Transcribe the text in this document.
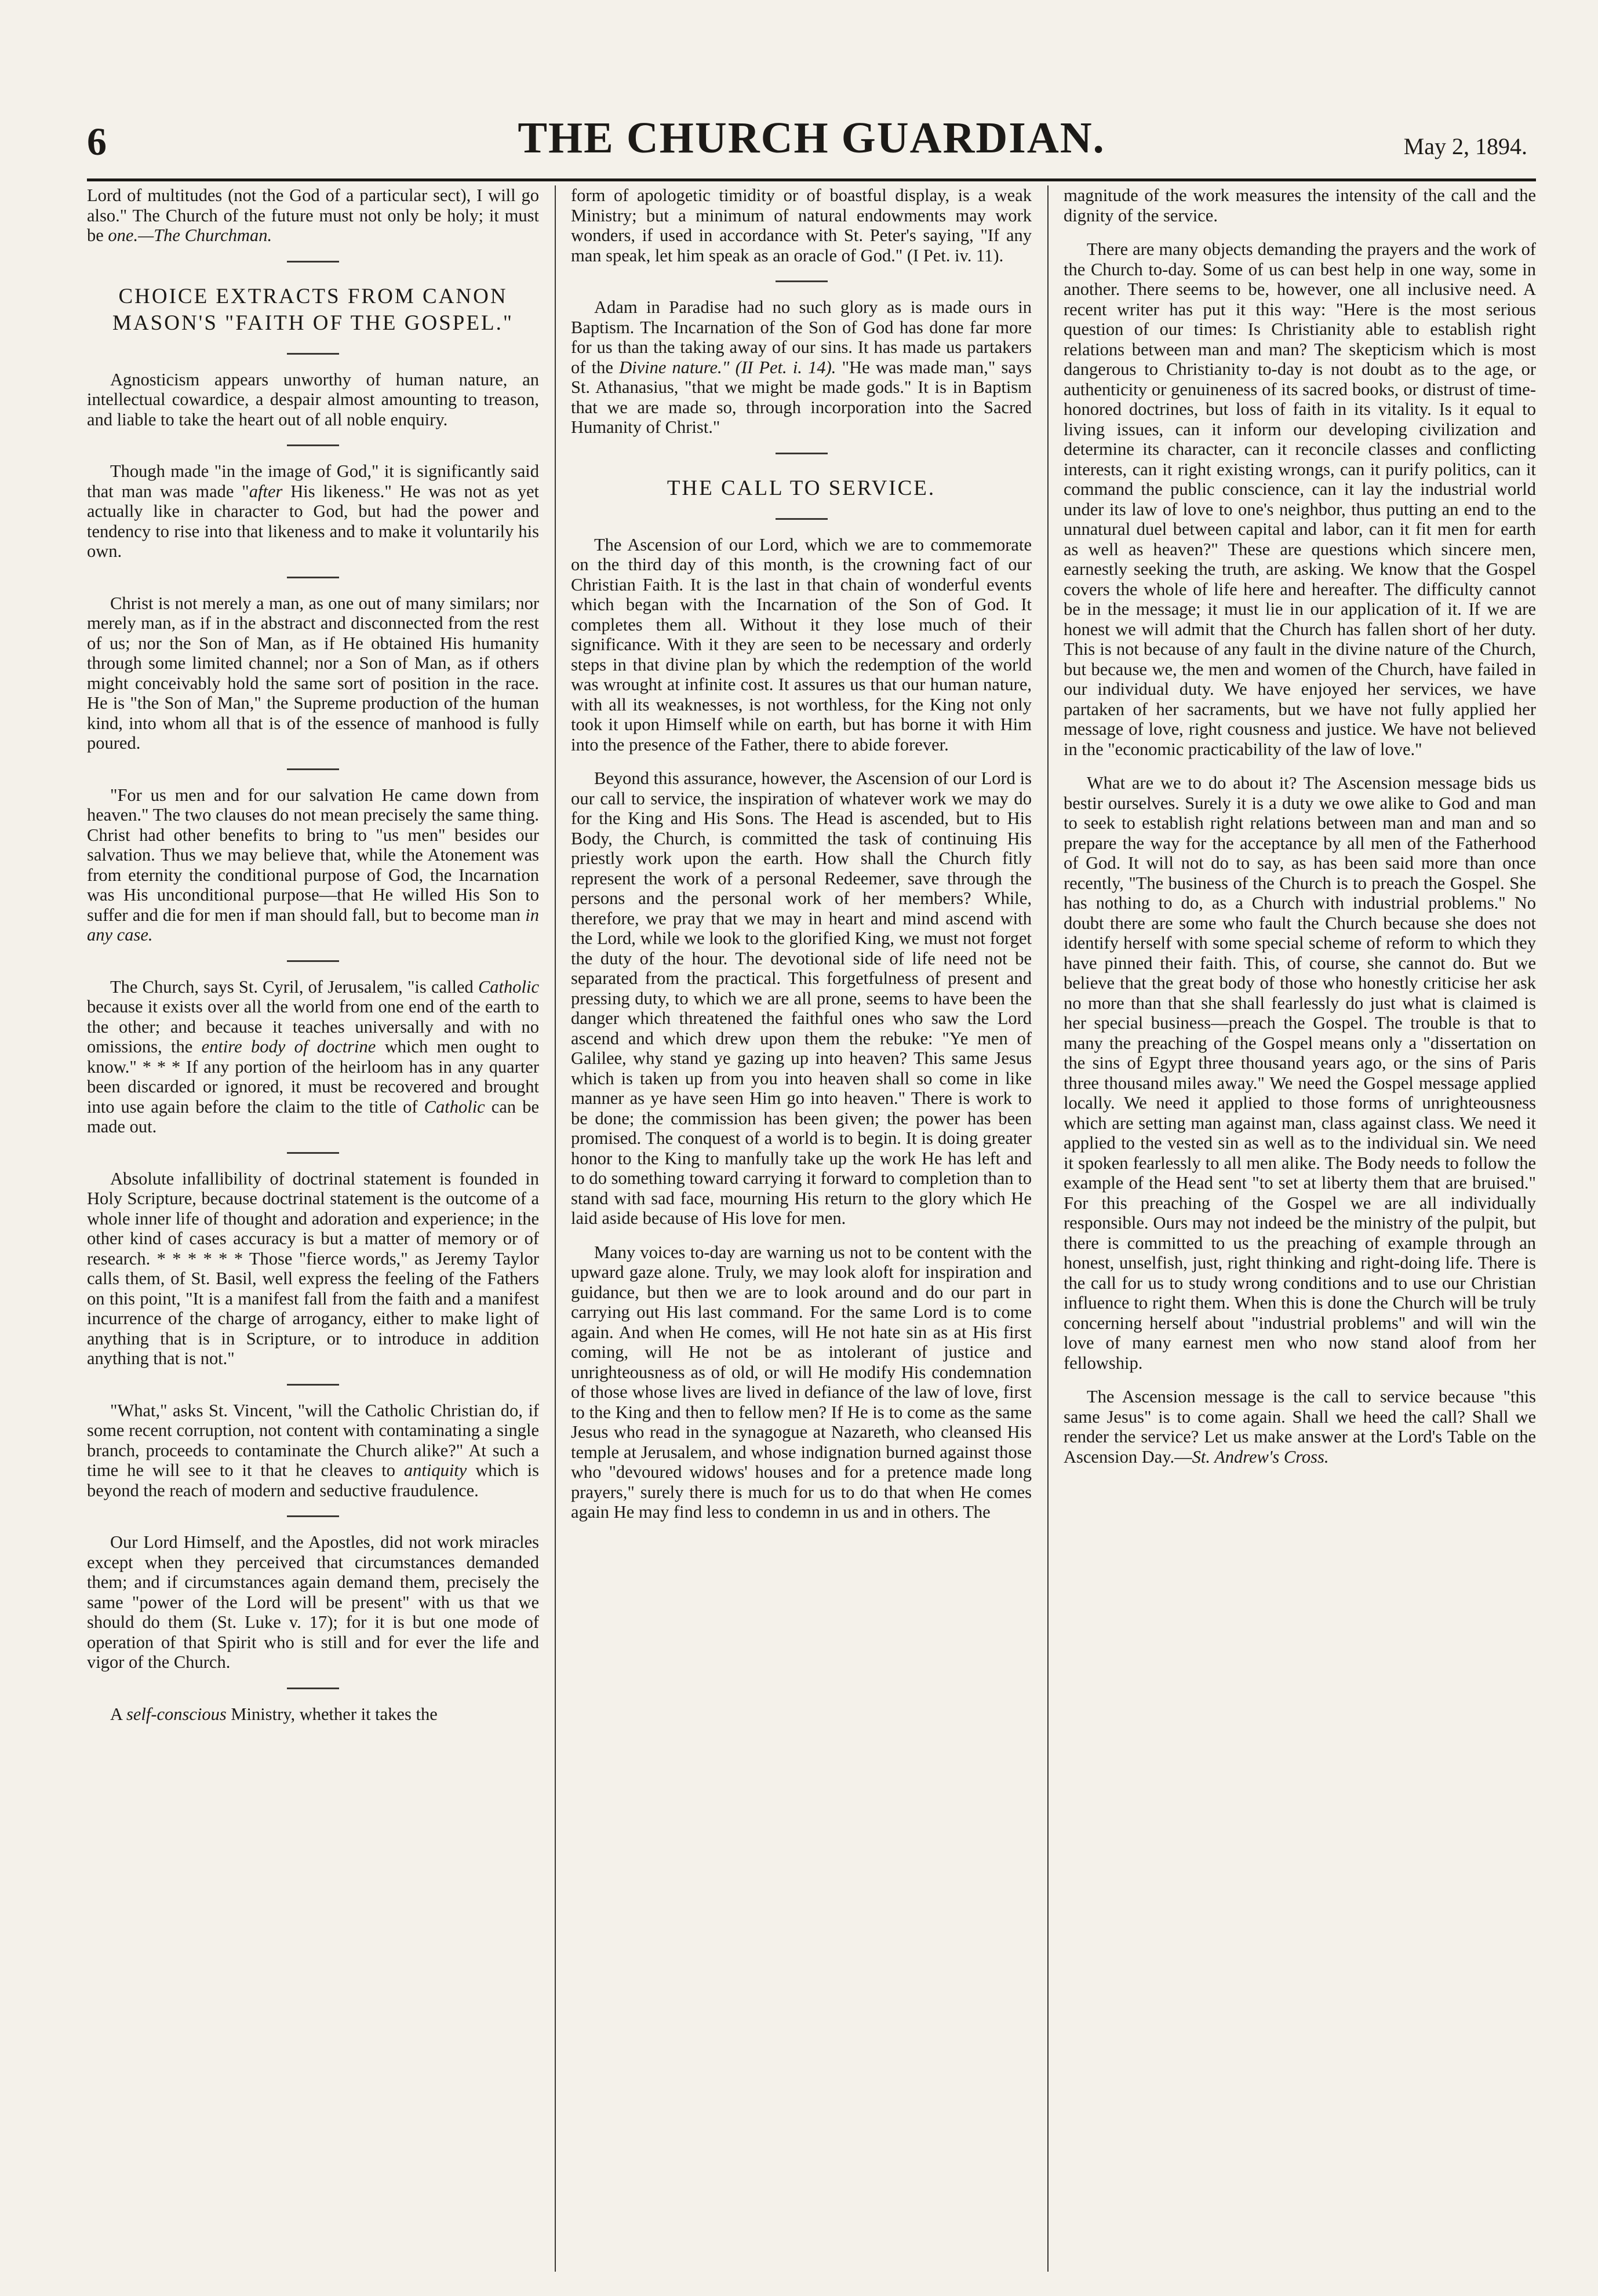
6	THE CHURCH GUARDIAN.	May 2, 1894.

Lord of multitudes (not the God of a particular sect), I will go also." The Church of the future must not only be holy; it must be one.—The Churchman.

CHOICE EXTRACTS FROM CANON MASON'S "FAITH OF THE GOSPEL."

Agnosticism appears unworthy of human nature, an intellectual cowardice, a despair almost amounting to treason, and liable to take the heart out of all noble enquiry.

Though made "in the image of God," it is significantly said that man was made "after His likeness." He was not as yet actually like in character to God, but had the power and tendency to rise into that likeness and to make it voluntarily his own.

Christ is not merely a man, as one out of many similars; nor merely man, as if in the abstract and disconnected from the rest of us; nor the Son of Man, as if He obtained His humanity through some limited channel; nor a Son of Man, as if others might conceivably hold the same sort of position in the race. He is "the Son of Man," the Supreme production of the human kind, into whom all that is of the essence of manhood is fully poured.

"For us men and for our salvation He came down from heaven." The two clauses do not mean precisely the same thing. Christ had other benefits to bring to "us men" besides our salvation. Thus we may believe that, while the Atonement was from eternity the conditional purpose of God, the Incarnation was His unconditional purpose—that He willed His Son to suffer and die for men if man should fall, but to become man in any case.

The Church, says St. Cyril, of Jerusalem, "is called Catholic because it exists over all the world from one end of the earth to the other; and because it teaches universally and with no omissions, the entire body of doctrine which men ought to know." * * * If any portion of the heirloom has in any quarter been discarded or ignored, it must be recovered and brought into use again before the claim to the title of Catholic can be made out.

Absolute infallibility of doctrinal statement is founded in Holy Scripture, because doctrinal statement is the outcome of a whole inner life of thought and adoration and experience; in the other kind of cases accuracy is but a matter of memory or of research. * * * * * * Those "fierce words," as Jeremy Taylor calls them, of St. Basil, well express the feeling of the Fathers on this point, "It is a manifest fall from the faith and a manifest incurrence of the charge of arrogancy, either to make light of anything that is in Scripture, or to introduce in addition anything that is not."

"What," asks St. Vincent, "will the Catholic Christian do, if some recent corruption, not content with contaminating a single branch, proceeds to contaminate the Church alike?" At such a time he will see to it that he cleaves to antiquity which is beyond the reach of modern and seductive fraudulence.

Our Lord Himself, and the Apostles, did not work miracles except when they perceived that circumstances demanded them; and if circumstances again demand them, precisely the same "power of the Lord will be present" with us that we should do them (St. Luke v. 17); for it is but one mode of operation of that Spirit who is still and for ever the life and vigor of the Church.

A self-conscious Ministry, whether it takes the

form of apologetic timidity or of boastful display, is a weak Ministry; but a minimum of natural endowments may work wonders, if used in accordance with St. Peter's saying, "If any man speak, let him speak as an oracle of God." (I Pet. iv. 11).

Adam in Paradise had no such glory as is made ours in Baptism. The Incarnation of the Son of God has done far more for us than the taking away of our sins. It has made us partakers of the Divine nature." (II Pet. i. 14). "He was made man," says St. Athanasius, "that we might be made gods." It is in Baptism that we are made so, through incorporation into the Sacred Humanity of Christ."

THE CALL TO SERVICE.

The Ascension of our Lord, which we are to commemorate on the third day of this month, is the crowning fact of our Christian Faith. It is the last in that chain of wonderful events which began with the Incarnation of the Son of God. It completes them all. Without it they lose much of their significance. With it they are seen to be necessary and orderly steps in that divine plan by which the redemption of the world was wrought at infinite cost. It assures us that our human nature, with all its weaknesses, is not worthless, for the King not only took it upon Himself while on earth, but has borne it with Him into the presence of the Father, there to abide forever.

Beyond this assurance, however, the Ascension of our Lord is our call to service, the inspiration of whatever work we may do for the King and His Sons. The Head is ascended, but to His Body, the Church, is committed the task of continuing His priestly work upon the earth. How shall the Church fitly represent the work of a personal Redeemer, save through the persons and the personal work of her members? While, therefore, we pray that we may in heart and mind ascend with the Lord, while we look to the glorified King, we must not forget the duty of the hour. The devotional side of life need not be separated from the practical. This forgetfulness of present and pressing duty, to which we are all prone, seems to have been the danger which threatened the faithful ones who saw the Lord ascend and which drew upon them the rebuke: "Ye men of Galilee, why stand ye gazing up into heaven? This same Jesus which is taken up from you into heaven shall so come in like manner as ye have seen Him go into heaven." There is work to be done; the commission has been given; the power has been promised. The conquest of a world is to begin. It is doing greater honor to the King to manfully take up the work He has left and to do something toward carrying it forward to completion than to stand with sad face, mourning His return to the glory which He laid aside because of His love for men.

Many voices to-day are warning us not to be content with the upward gaze alone. Truly, we may look aloft for inspiration and guidance, but then we are to look around and do our part in carrying out His last command. For the same Lord is to come again. And when He comes, will He not hate sin as at His first coming, will He not be as intolerant of justice and unrighteousness as of old, or will He modify His condemnation of those whose lives are lived in defiance of the law of love, first to the King and then to fellow men? If He is to come as the same Jesus who read in the synagogue at Nazareth, who cleansed His temple at Jerusalem, and whose indignation burned against those who "devoured widows' houses and for a pretence made long prayers," surely there is much for us to do that when He comes again He may find less to condemn in us and in others. The

magnitude of the work measures the intensity of the call and the dignity of the service.

There are many objects demanding the prayers and the work of the Church to-day. Some of us can best help in one way, some in another. There seems to be, however, one all inclusive need. A recent writer has put it this way: "Here is the most serious question of our times: Is Christianity able to establish right relations between man and man? The skepticism which is most dangerous to Christianity to-day is not doubt as to the age, or authenticity or genuineness of its sacred books, or distrust of time-honored doctrines, but loss of faith in its vitality. Is it equal to living issues, can it inform our developing civilization and determine its character, can it reconcile classes and conflicting interests, can it right existing wrongs, can it purify politics, can it command the public conscience, can it lay the industrial world under its law of love to one's neighbor, thus putting an end to the unnatural duel between capital and labor, can it fit men for earth as well as heaven?" These are questions which sincere men, earnestly seeking the truth, are asking. We know that the Gospel covers the whole of life here and hereafter. The difficulty cannot be in the message; it must lie in our application of it. If we are honest we will admit that the Church has fallen short of her duty. This is not because of any fault in the divine nature of the Church, but because we, the men and women of the Church, have failed in our individual duty. We have enjoyed her services, we have partaken of her sacraments, but we have not fully applied her message of love, right cousness and justice. We have not believed in the "economic practicability of the law of love."

What are we to do about it? The Ascension message bids us bestir ourselves. Surely it is a duty we owe alike to God and man to seek to establish right relations between man and man and so prepare the way for the acceptance by all men of the Fatherhood of God. It will not do to say, as has been said more than once recently, "The business of the Church is to preach the Gospel. She has nothing to do, as a Church with industrial problems." No doubt there are some who fault the Church because she does not identify herself with some special scheme of reform to which they have pinned their faith. This, of course, she cannot do. But we believe that the great body of those who honestly criticise her ask no more than that she shall fearlessly do just what is claimed is her special business—preach the Gospel. The trouble is that to many the preaching of the Gospel means only a "dissertation on the sins of Egypt three thousand years ago, or the sins of Paris three thousand miles away." We need the Gospel message applied locally. We need it applied to those forms of unrighteousness which are setting man against man, class against class. We need it applied to the vested sin as well as to the individual sin. We need it spoken fearlessly to all men alike. The Body needs to follow the example of the Head sent "to set at liberty them that are bruised." For this preaching of the Gospel we are all individually responsible. Ours may not indeed be the ministry of the pulpit, but there is committed to us the preaching of example through an honest, unselfish, just, right thinking and right-doing life. There is the call for us to study wrong conditions and to use our Christian influence to right them. When this is done the Church will be truly concerning herself about "industrial problems" and will win the love of many earnest men who now stand aloof from her fellowship.

The Ascension message is the call to service because "this same Jesus" is to come again. Shall we heed the call? Shall we render the service? Let us make answer at the Lord's Table on the Ascension Day.—St. Andrew's Cross.
